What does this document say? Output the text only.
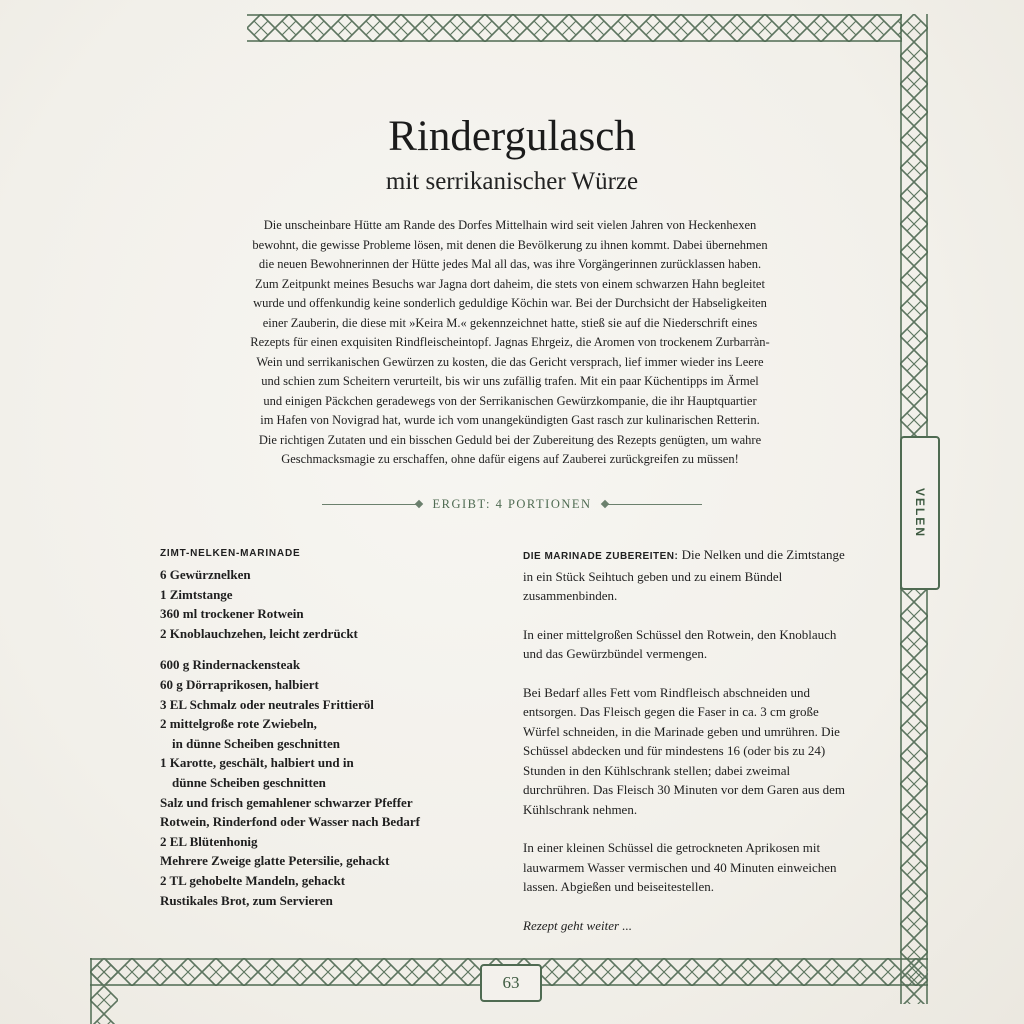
VELEN
63
Rindergulasch
mit serrikanischer Würze
Die unscheinbare Hütte am Rande des Dorfes Mittelhain wird seit vielen Jahren von Heckenhexen
bewohnt, die gewisse Probleme lösen, mit denen die Bevölkerung zu ihnen kommt. Dabei übernehmen
die neuen Bewohnerinnen der Hütte jedes Mal all das, was ihre Vorgängerinnen zurücklassen haben.
Zum Zeitpunkt meines Besuchs war Jagna dort daheim, die stets von einem schwarzen Hahn begleitet
wurde und offenkundig keine sonderlich geduldige Köchin war. Bei der Durchsicht der Habseligkeiten
einer Zauberin, die diese mit »Keira M.« gekennzeichnet hatte, stieß sie auf die Niederschrift eines
Rezepts für einen exquisiten Rindfleischeintopf. Jagnas Ehrgeiz, die Aromen von trockenem Zurbarràn-
Wein und serrikanischen Gewürzen zu kosten, die das Gericht versprach, lief immer wieder ins Leere
und schien zum Scheitern verurteilt, bis wir uns zufällig trafen. Mit ein paar Küchentipps im Ärmel
und einigen Päckchen geradewegs von der Serrikanischen Gewürzkompanie, die ihr Hauptquartier
im Hafen von Novigrad hat, wurde ich vom unangekündigten Gast rasch zur kulinarischen Retterin.
Die richtigen Zutaten und ein bisschen Geduld bei der Zubereitung des Rezepts genügten, um wahre
Geschmacksmagie zu erschaffen, ohne dafür eigens auf Zauberei zurückgreifen zu müssen!
ERGIBT: 4 PORTIONEN
ZIMT-NELKEN-MARINADE
6 Gewürznelken
1 Zimtstange
360 ml trockener Rotwein
2 Knoblauchzehen, leicht zerdrückt
600 g Rindernackensteak
60 g Dörraprikosen, halbiert
3 EL Schmalz oder neutrales Frittieröl
2 mittelgroße rote Zwiebeln,
in dünne Scheiben geschnitten
1 Karotte, geschält, halbiert und in
dünne Scheiben geschnitten
Salz und frisch gemahlener schwarzer Pfeffer
Rotwein, Rinderfond oder Wasser nach Bedarf
2 EL Blütenhonig
Mehrere Zweige glatte Petersilie, gehackt
2 TL gehobelte Mandeln, gehackt
Rustikales Brot, zum Servieren

DIE MARINADE ZUBEREITEN: Die Nelken und die Zimtstange in ein Stück Seihtuch geben und zu einem Bündel zusammenbinden.

In einer mittelgroßen Schüssel den Rotwein, den Knoblauch und das Gewürzbündel vermengen.

Bei Bedarf alles Fett vom Rindfleisch abschneiden und entsorgen. Das Fleisch gegen die Faser in ca. 3 cm große Würfel schneiden, in die Marinade geben und umrühren. Die Schüssel abdecken und für mindestens 16 (oder bis zu 24) Stunden in den Kühlschrank stellen; dabei zweimal durchrühren. Das Fleisch 30 Minuten vor dem Garen aus dem Kühlschrank nehmen.

In einer kleinen Schüssel die getrockneten Aprikosen mit lauwarmem Wasser vermischen und 40 Minuten einweichen lassen. Abgießen und beiseitestellen.

Rezept geht weiter ...
